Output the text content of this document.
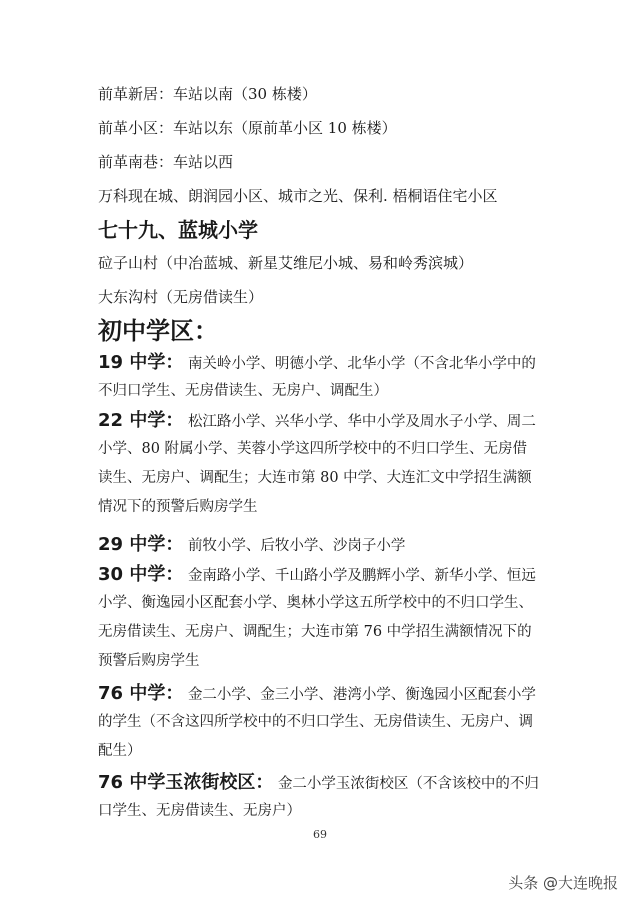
前革新居：车站以南（30 栋楼）
前革小区：车站以东（原前革小区 10 栋楼）
前革南巷：车站以西
万科现在城、朗润园小区、城市之光、保利. 梧桐语住宅小区
七十九、蓝城小学
砬子山村（中冶蓝城、新星艾维尼小城、易和岭秀滨城）
大东沟村（无房借读生）
初中学区：
19 中学： 南关岭小学、明德小学、北华小学（不含北华小学中的
不归口学生、无房借读生、无房户、调配生）
22 中学： 松江路小学、兴华小学、华中小学及周水子小学、周二
小学、80 附属小学、芙蓉小学这四所学校中的不归口学生、无房借
读生、无房户、调配生；大连市第 80 中学、大连汇文中学招生满额
情况下的预警后购房学生
29 中学： 前牧小学、后牧小学、沙岗子小学
30 中学： 金南路小学、千山路小学及鹏辉小学、新华小学、恒远
小学、衡逸园小区配套小学、奥林小学这五所学校中的不归口学生、
无房借读生、无房户、调配生；大连市第 76 中学招生满额情况下的
预警后购房学生
76 中学： 金二小学、金三小学、港湾小学、衡逸园小区配套小学
的学生（不含这四所学校中的不归口学生、无房借读生、无房户、调
配生）
76 中学玉浓街校区： 金二小学玉浓街校区（不含该校中的不归
口学生、无房借读生、无房户）
69
头条 @大连晚报
